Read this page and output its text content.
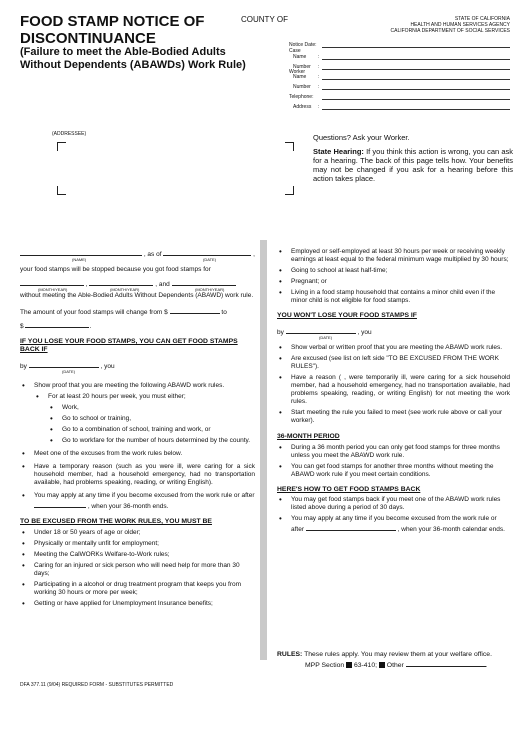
FOOD STAMP NOTICE OF
DISCONTINUANCE
(Failure to meet the Able-Bodied Adults
Without Dependents (ABAWDs) Work Rule)
COUNTY OF	STATE OF CALIFORNIA
HEALTH AND HUMAN SERVICES AGENCY
CALIFORNIA DEPARTMENT OF SOCIAL SERVICES
Notice Date:
Case
Name :
Number :
Worker
Name :
Number :
Telephone:
Address :
(ADDRESSEE)	Questions? Ask your Worker.
State Hearing: If you think this action is wrong, you can ask for a hearing. The back of this page tells how. Your benefits may not be changed if you ask for a hearing before this action takes place.
, as of	,
(NAME)	(DATE)
your food stamps will be stopped because you got food stamps for
,	, and
(MONTH/YEAR)	(MONTH/YEAR)	(MONTH/YEAR)
without meeting the Able-Bodied Adults Without Dependents (ABAWD) work rule.
The amount of your food stamps will change from $	to
$	.
IF YOU LOSE YOUR FOOD STAMPS, YOU CAN GET FOOD STAMPS BACK IF
by	, you
(DATE)
• Show proof that you are meeting the following ABAWD work rules.
• For at least 20 hours per week, you must either;
• Work,
• Go to school or training,
• Go to a combination of school, training and work, or
• Go to workfare for the number of hours determined by the county.
• Meet one of the excuses from the work rules below.
• Have a temporary reason (such as you were ill, were caring for a sick household member, had a household emergency, had no transportation available, had problems speaking, reading, or writing English).
• You may apply at any time if you become excused from the work rule or after  , when your 36-month ends.
TO BE EXCUSED FROM THE WORK RULES, YOU MUST BE
• Under 18 or 50 years of age or older;
• Physically or mentally unfit for employment;
• Meeting the CalWORKs Welfare-to-Work rules;
• Caring for an injured or sick person who will need help for more than 30 days;
• Participating in a alcohol or drug treatment program that keeps you from working 30 hours or more per week;
• Getting or have applied for Unemployment Insurance benefits;
• Employed or self-employed at least 30 hours per week or receiving weekly earnings at least equal to the federal minimum wage multiplied by 30 hours;
• Going to school at least half-time;
• Pregnant; or
• Living in a food stamp household that contains a minor child even if the minor child is not eligible for food stamps.
YOU WON'T LOSE YOUR FOOD STAMPS IF
by	, you
(DATE)
• Show verbal or written proof that you are meeting the ABAWD work rules.
• Are excused (see list on left side "TO BE EXCUSED FROM THE WORK RULES").
• Have a reason ( , were temporarily ill, were caring for a sick household member, had a household emergency, had no transportation available, had problems speaking, reading, or writing English) for not meeting the work rules.
• Start meeting the rule you failed to meet (see work rule above or call your worker).
36-MONTH PERIOD
• During a 36 month period you can only get food stamps for three months unless you meet the ABAWD work rule.
• You can get food stamps for another three months without meeting the ABAWD work rule if you meet certain conditions.
HERE'S HOW TO GET FOOD STAMPS BACK
• You may get food stamps back if you meet one of the ABAWD work rules listed above during a period of 30 days.
• You may apply at any time if you become excused from the work rule or after	, when your 36-month calendar ends.
RULES: These rules apply. You may review them at your welfare office.
MPP Section 63-410; Other	.
DFA 377.11 (9/04) REQUIRED FORM - SUBSTITUTES PERMITTED
